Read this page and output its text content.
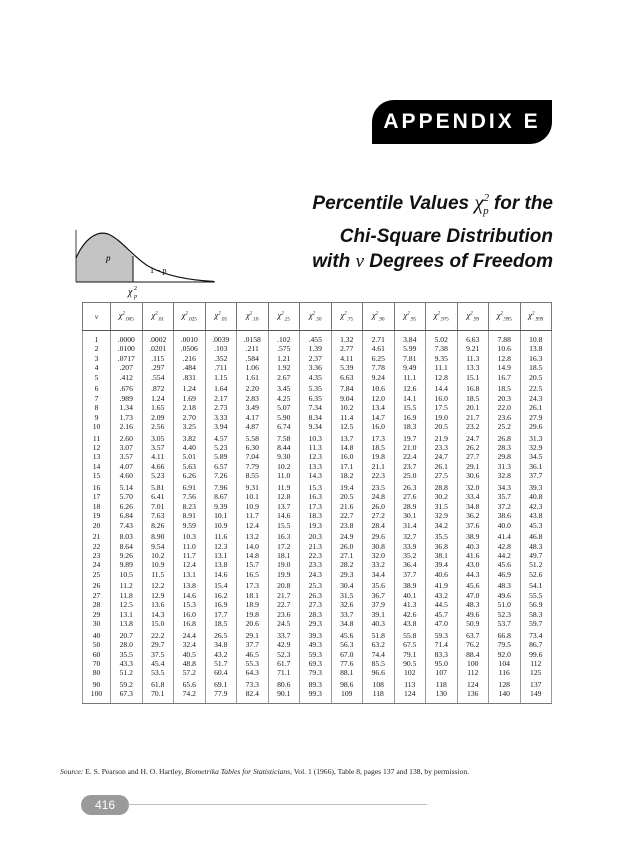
APPENDIX E
Percentile Values $\chi^2_p$ for the
Chi-Square Distribution
with ν Degrees of Freedom
p
1 − p
χ 2
p
ν	$\chi^2_{.005}$	$\chi^2_{.01}$	$\chi^2_{.025}$	$\chi^2_{.05}$	$\chi^2_{.10}$	$\chi^2_{.25}$	$\chi^2_{.50}$	$\chi^2_{.75}$	$\chi^2_{.90}$	$\chi^2_{.95}$	$\chi^2_{.975}$	$\chi^2_{.99}$	$\chi^2_{.995}$	$\chi^2_{.999}$
1	.0000	.0002	.0010	.0039	.0158	.102	.455	1.32	2.71	3.84	5.02	6.63	7.88	10.8
2	.0100	.0201	.0506	.103	.211	.575	1.39	2.77	4.61	5.99	7.38	9.21	10.6	13.8
3	.0717	.115	.216	.352	.584	1.21	2.37	4.11	6.25	7.81	9.35	11.3	12.8	16.3
4	.207	.297	.484	.711	1.06	1.92	3.36	5.39	7.78	9.49	11.1	13.3	14.9	18.5
5	.412	.554	.831	1.15	1.61	2.67	4.35	6.63	9.24	11.1	12.8	15.1	16.7	20.5
6	.676	.872	1.24	1.64	2.20	3.45	5.35	7.84	10.6	12.6	14.4	16.8	18.5	22.5
7	.989	1.24	1.69	2.17	2.83	4.25	6.35	9.04	12.0	14.1	16.0	18.5	20.3	24.3
8	1.34	1.65	2.18	2.73	3.49	5.07	7.34	10.2	13.4	15.5	17.5	20.1	22.0	26.1
9	1.73	2.09	2.70	3.33	4.17	5.90	8.34	11.4	14.7	16.9	19.0	21.7	23.6	27.9
10	2.16	2.56	3.25	3.94	4.87	6.74	9.34	12.5	16.0	18.3	20.5	23.2	25.2	29.6
11	2.60	3.05	3.82	4.57	5.58	7.58	10.3	13.7	17.3	19.7	21.9	24.7	26.8	31.3
12	3.07	3.57	4.40	5.23	6.30	8.44	11.3	14.8	18.5	21.0	23.3	26.2	28.3	32.9
13	3.57	4.11	5.01	5.89	7.04	9.30	12.3	16.0	19.8	22.4	24.7	27.7	29.8	34.5
14	4.07	4.66	5.63	6.57	7.79	10.2	13.3	17.1	21.1	23.7	26.1	29.1	31.3	36.1
15	4.60	5.23	6.26	7.26	8.55	11.0	14.3	18.2	22.3	25.0	27.5	30.6	32.8	37.7
16	5.14	5.81	6.91	7.96	9.31	11.9	15.3	19.4	23.5	26.3	28.8	32.0	34.3	39.3
17	5.70	6.41	7.56	8.67	10.1	12.8	16.3	20.5	24.8	27.6	30.2	33.4	35.7	40.8
18	6.26	7.01	8.23	9.39	10.9	13.7	17.3	21.6	26.0	28.9	31.5	34.8	37.2	42.3
19	6.84	7.63	8.91	10.1	11.7	14.6	18.3	22.7	27.2	30.1	32.9	36.2	38.6	43.8
20	7.43	8.26	9.59	10.9	12.4	15.5	19.3	23.8	28.4	31.4	34.2	37.6	40.0	45.3
21	8.03	8.90	10.3	11.6	13.2	16.3	20.3	24.9	29.6	32.7	35.5	38.9	41.4	46.8
22	8.64	9.54	11.0	12.3	14.0	17.2	21.3	26.0	30.8	33.9	36.8	40.3	42.8	48.3
23	9.26	10.2	11.7	13.1	14.8	18.1	22.3	27.1	32.0	35.2	38.1	41.6	44.2	49.7
24	9.89	10.9	12.4	13.8	15.7	19.0	23.3	28.2	33.2	36.4	39.4	43.0	45.6	51.2
25	10.5	11.5	13.1	14.6	16.5	19.9	24.3	29.3	34.4	37.7	40.6	44.3	46.9	52.6
26	11.2	12.2	13.8	15.4	17.3	20.8	25.3	30.4	35.6	38.9	41.9	45.6	48.3	54.1
27	11.8	12.9	14.6	16.2	18.1	21.7	26.3	31.5	36.7	40.1	43.2	47.0	49.6	55.5
28	12.5	13.6	15.3	16.9	18.9	22.7	27.3	32.6	37.9	41.3	44.5	48.3	51.0	56.9
29	13.1	14.3	16.0	17.7	19.8	23.6	28.3	33.7	39.1	42.6	45.7	49.6	52.3	58.3
30	13.8	15.0	16.8	18.5	20.6	24.5	29.3	34.8	40.3	43.8	47.0	50.9	53.7	59.7
40	20.7	22.2	24.4	26.5	29.1	33.7	39.3	45.6	51.8	55.8	59.3	63.7	66.8	73.4
50	28.0	29.7	32.4	34.8	37.7	42.9	49.3	56.3	63.2	67.5	71.4	76.2	79.5	86.7
60	35.5	37.5	40.5	43.2	46.5	52.3	59.3	67.0	74.4	79.1	83.3	88.4	92.0	99.6
70	43.3	45.4	48.8	51.7	55.3	61.7	69.3	77.6	85.5	90.5	95.0	100	104	112
80	51.2	53.5	57.2	60.4	64.3	71.1	79.3	88.1	96.6	102	107	112	116	125
90	59.2	61.8	65.6	69.1	73.3	80.6	89.3	98.6	108	113	118	124	128	137
100	67.3	70.1	74.2	77.9	82.4	90.1	99.3	109	118	124	130	136	140	149
Source: E. S. Pearson and H. O. Hartley, Biometrika Tables for Statisticians, Vol. 1 (1966), Table 8, pages 137 and 138, by permission.
416
